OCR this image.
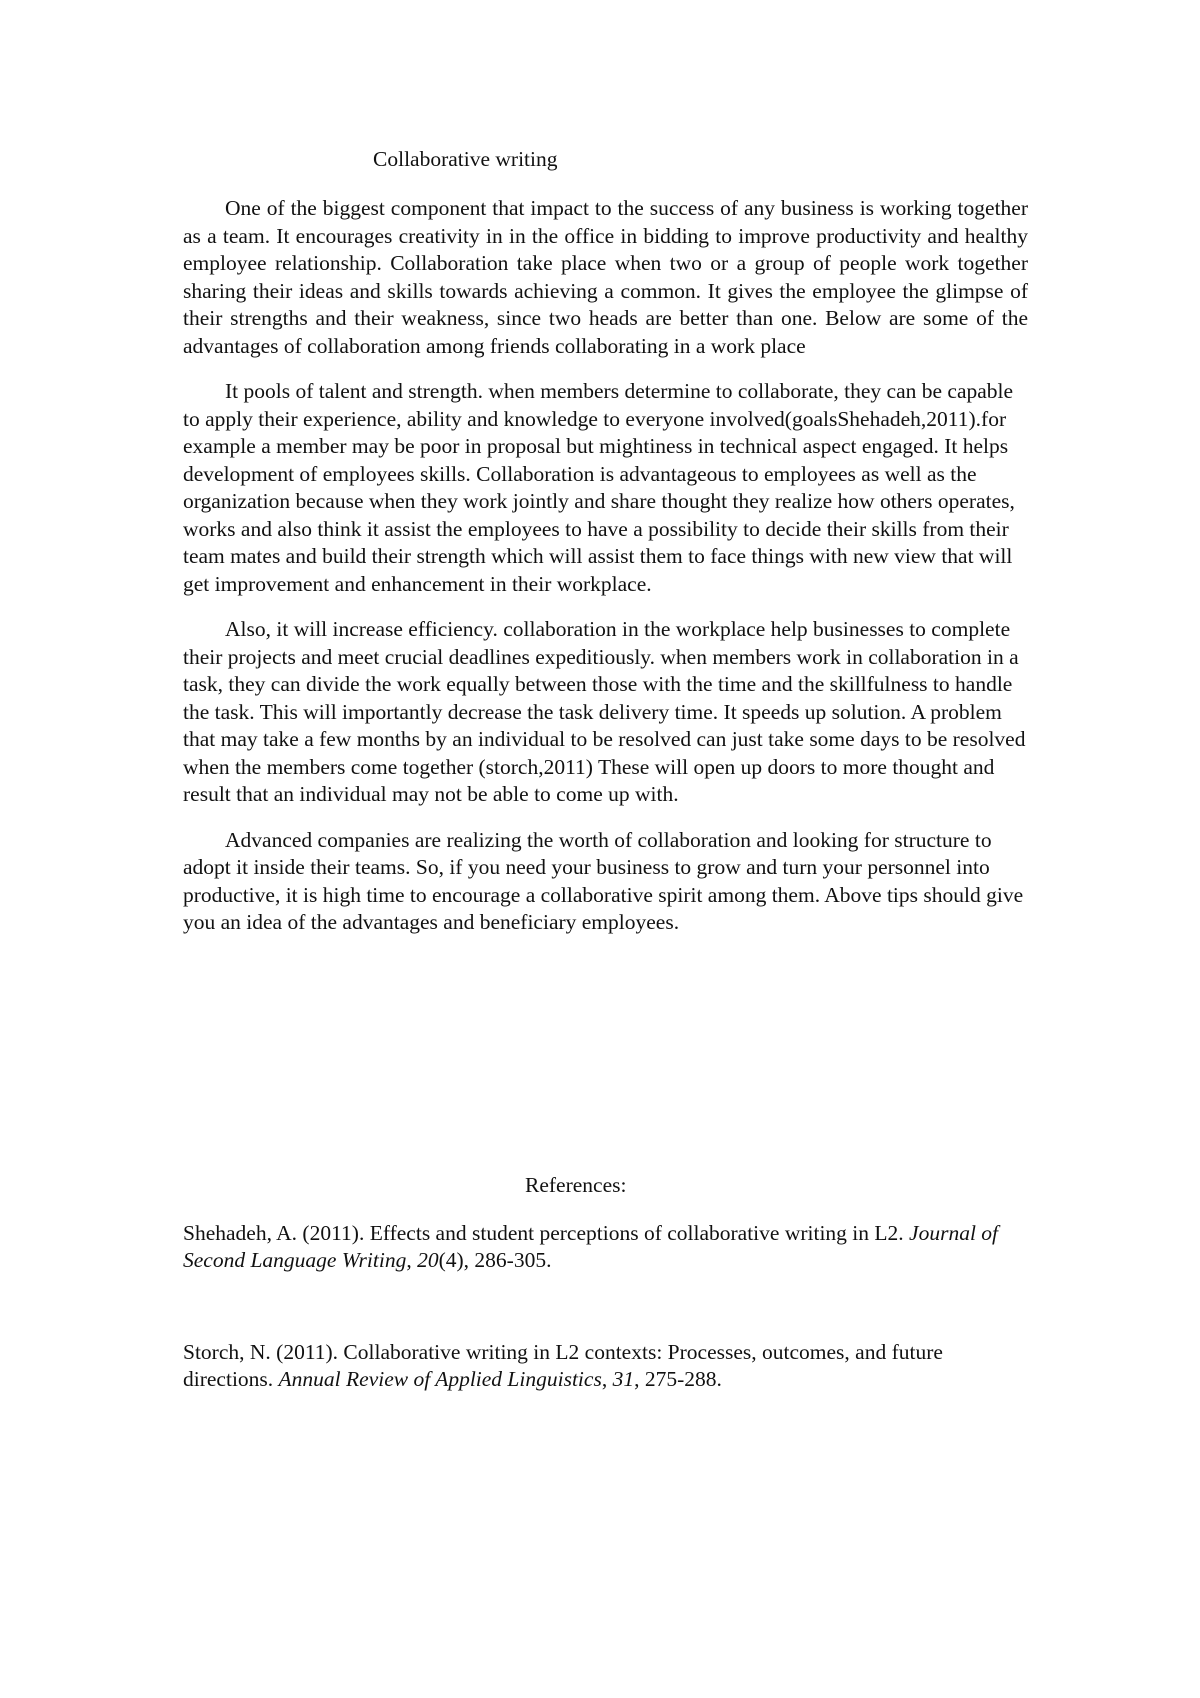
Collaborative writing

One of the biggest component that impact to the success of any business is working together as a team. It encourages creativity in in the office in bidding to improve productivity and healthy employee relationship. Collaboration take place when two or a group of people work together sharing their ideas and skills towards achieving a common. It gives the employee the glimpse of their strengths and their weakness, since two heads are better than one. Below are some of the advantages of collaboration among friends collaborating in a work place

It pools of talent and strength. when members determine to collaborate, they can be capable to apply their experience, ability and knowledge to everyone involved(goalsShehadeh,2011).for example a member may be poor in proposal but mightiness in technical aspect engaged. It helps development of employees skills. Collaboration is advantageous to employees as well as the organization because when they work jointly and share thought they realize how others operates, works and also think it assist the employees to have a possibility to decide their skills from their team mates and build their strength which will assist them to face things with new view that will get improvement and enhancement in their workplace.

Also, it will increase efficiency. collaboration in the workplace help businesses to complete their projects and meet crucial deadlines expeditiously. when members work in collaboration in a task, they can divide the work equally between those with the time and the skillfulness to handle the task. This will importantly decrease the task delivery time. It speeds up solution. A problem that may take a few months by an individual to be resolved can just take some days to be resolved when the members come together (storch,2011) These will open up doors to more thought and result that an individual may not be able to come up with.

Advanced companies are realizing the worth of collaboration and looking for structure to adopt it inside their teams. So, if you need your business to grow and turn your personnel into productive, it is high time to encourage a collaborative spirit among them. Above tips should give you an idea of the advantages and beneficiary employees.

References:

Shehadeh, A. (2011). Effects and student perceptions of collaborative writing in L2. Journal of Second Language Writing, 20(4), 286-305.

Storch, N. (2011). Collaborative writing in L2 contexts: Processes, outcomes, and future directions. Annual Review of Applied Linguistics, 31, 275-288.
